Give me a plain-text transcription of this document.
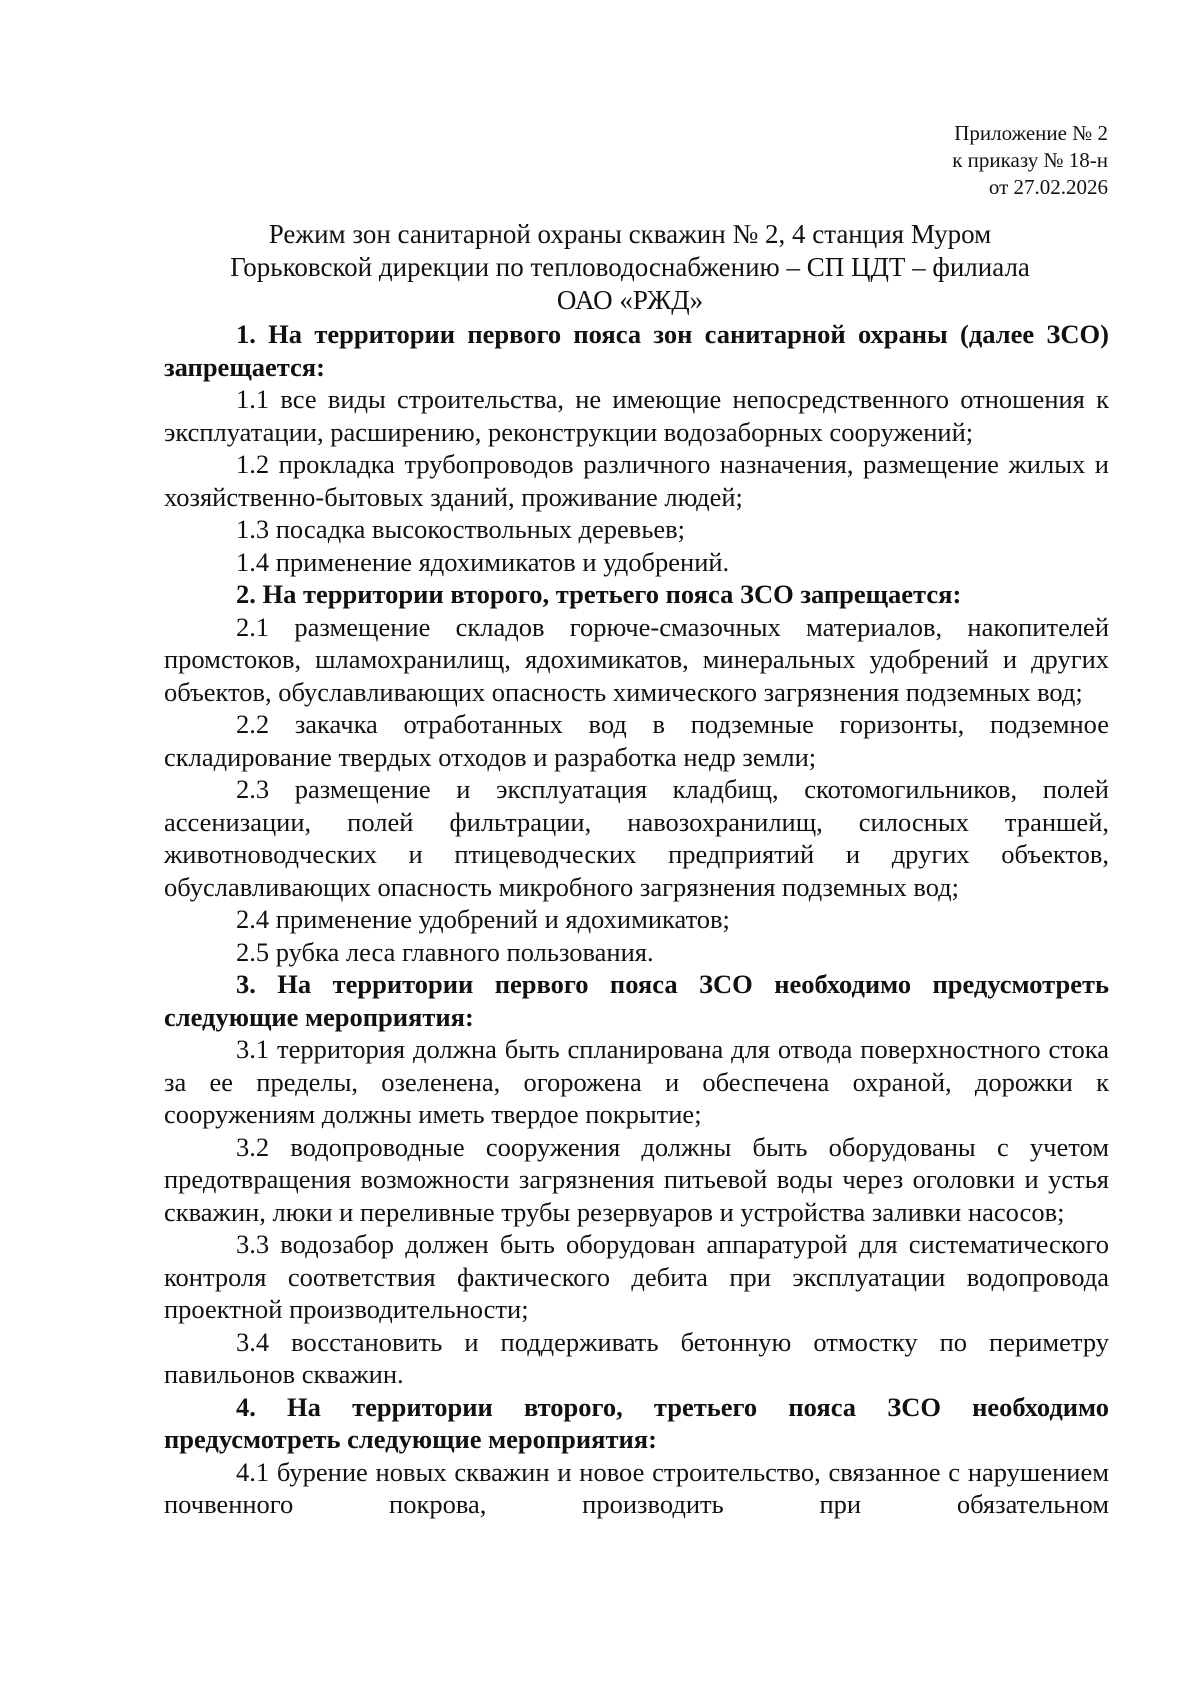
Приложение № 2
к приказу № 18-н
от 27.02.2026
Режим зон санитарной охраны скважин № 2, 4 станция Муром
Горьковской дирекции по тепловодоснабжению – СП ЦДТ – филиала
ОАО «РЖД»

1. На территории первого пояса зон санитарной охраны (далее ЗСО) запрещается:

1.1 все виды строительства, не имеющие непосредственного отношения к эксплуатации, расширению, реконструкции водозаборных сооружений;

1.2 прокладка трубопроводов различного назначения, размещение жилых и хозяйственно-бытовых зданий, проживание людей;

1.3 посадка высокоствольных деревьев;

1.4 применение ядохимикатов и удобрений.

2. На территории второго, третьего пояса ЗСО запрещается:

2.1 размещение складов горюче-смазочных материалов, накопителей промстоков, шламохранилищ, ядохимикатов, минеральных удобрений и других объектов, обуславливающих опасность химического загрязнения подземных вод;

2.2 закачка отработанных вод в подземные горизонты, подземное складирование твердых отходов и разработка недр земли;

2.3 размещение и эксплуатация кладбищ, скотомогильников, полей ассенизации, полей фильтрации, навозохранилищ, силосных траншей, животноводческих и птицеводческих предприятий и других объектов, обуславливающих опасность микробного загрязнения подземных вод;

2.4 применение удобрений и ядохимикатов;

2.5 рубка леса главного пользования.

3. На территории первого пояса ЗСО необходимо предусмотреть следующие мероприятия:

3.1 территория должна быть спланирована для отвода поверхностного стока за ее пределы, озеленена, огорожена и обеспечена охраной, дорожки к сооружениям должны иметь твердое покрытие;

3.2 водопроводные сооружения должны быть оборудованы с учетом предотвращения возможности загрязнения питьевой воды через оголовки и устья скважин, люки и переливные трубы резервуаров и устройства заливки насосов;

3.3 водозабор должен быть оборудован аппаратурой для систематического контроля соответствия фактического дебита при эксплуатации водопровода проектной производительности;

3.4 восстановить и поддерживать бетонную отмостку по периметру павильонов скважин.

4. На территории второго, третьего пояса ЗСО необходимо предусмотреть следующие мероприятия:

4.1 бурение новых скважин и новое строительство, связанное с нарушением почвенного покрова, производить при обязательном
